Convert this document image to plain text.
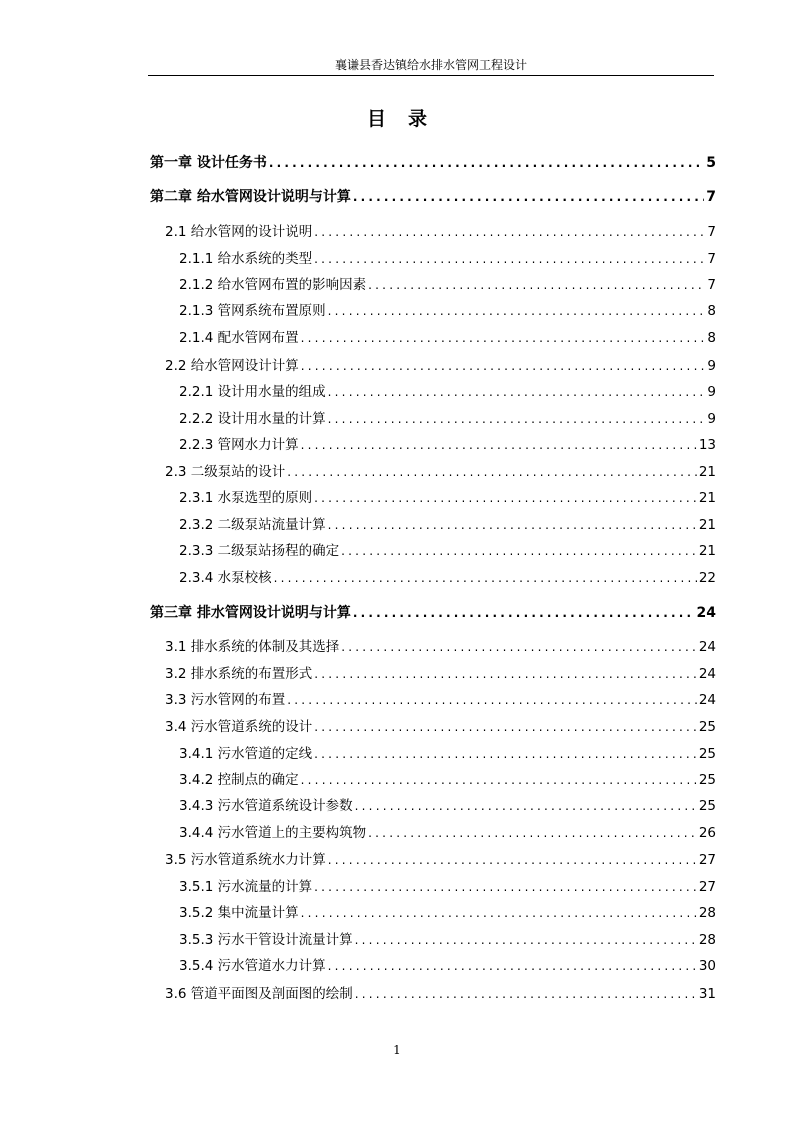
襄谦县香达镇给水排水管网工程设计
目录
第一章 设计任务书 .....	5
第二章 给水管网设计说明与计算 .....	7
2.1 给水管网的设计说明 .....	7
2.1.1 给水系统的类型 .....	7
2.1.2 给水管网布置的影响因素 .....	7
2.1.3 管网系统布置原则 .....	8
2.1.4 配水管网布置 .....	8
2.2 给水管网设计计算 .....	9
2.2.1 设计用水量的组成 .....	9
2.2.2 设计用水量的计算 .....	9
2.2.3 管网水力计算 .....	13
2.3 二级泵站的设计 .....	21
2.3.1 水泵选型的原则 .....	21
2.3.2 二级泵站流量计算 .....	21
2.3.3 二级泵站扬程的确定 .....	21
2.3.4 水泵校核 .....	22
第三章 排水管网设计说明与计算 .....	24
3.1 排水系统的体制及其选择 .....	24
3.2 排水系统的布置形式 .....	24
3.3 污水管网的布置 .....	24
3.4 污水管道系统的设计 .....	25
3.4.1 污水管道的定线 .....	25
3.4.2 控制点的确定 .....	25
3.4.3 污水管道系统设计参数 .....	25
3.4.4 污水管道上的主要构筑物 .....	26
3.5 污水管道系统水力计算 .....	27
3.5.1 污水流量的计算 .....	27
3.5.2 集中流量计算 .....	28
3.5.3 污水干管设计流量计算 .....	28
3.5.4 污水管道水力计算 .....	30
3.6 管道平面图及剖面图的绘制 .....	31
1
